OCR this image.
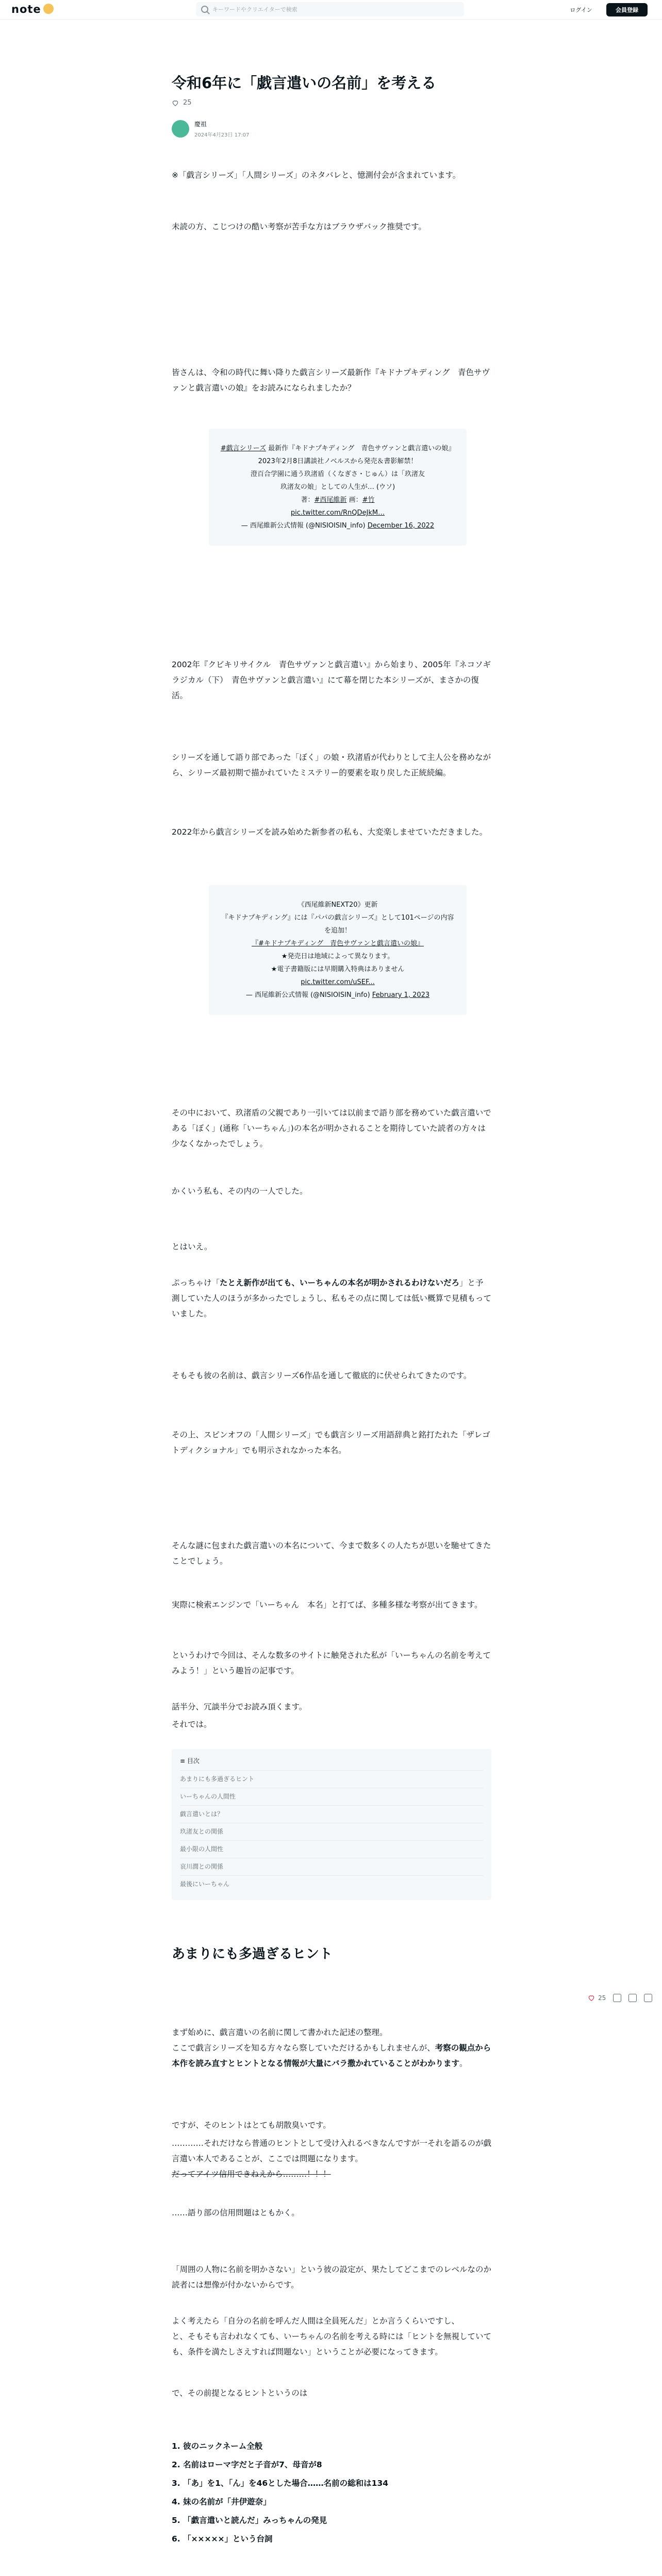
note
キーワードやクリエイターで検索	ログイン	会員登録
令和6年に「戯言遣いの名前」を考える
25
慶祖
2024年4月23日 17:07

※「戯言シリーズ」「人間シリーズ」のネタバレと、憶測付会が含まれています。

未読の方、こじつけの酷い考察が苦手な方はブラウザバック推奨です。

皆さんは、令和の時代に舞い降りた戯言シリーズ最新作『キドナプキディング　青色サヴァンと戯言遣いの娘』をお読みになられましたか？

#戯言シリーズ 最新作『キドナプキディング　青色サヴァンと戯言遣いの娘』
2023年2月8日講談社ノベルスから発売＆書影解禁！
澄百合学園に通う玖渚盾（くなぎさ・じゅん）は「玖渚友
玖渚友の娘」としての人生が… (ウソ)
著：#西尾維新 画：#竹
pic.twitter.com/RnQDeJkM…
— 西尾維新公式情報 (@NISIOISIN_info) December 16, 2022

2002年『クビキリサイクル　青色サヴァンと戯言遣い』から始まり、2005年『ネコソギラジカル（下）　青色サヴァンと戯言遣い』にて幕を閉じた本シリーズが、まさかの復活。

シリーズを通して語り部であった「ぼく」の娘・玖渚盾が代わりとして主人公を務めながら、シリーズ最初期で描かれていたミステリー的要素を取り戻した正統続編。

2022年から戯言シリーズを読み始めた新参者の私も、大変楽しませていただきました。

《西尾維新NEXT20》更新
『キドナプキディング』には『パパの戯言シリーズ』として101ページの内容を追加！
『#キドナプキディング　青色サヴァンと戯言遣いの娘』
★発売日は地域によって異なります。
★電子書籍版には早期購入特典はありません
pic.twitter.com/uSEF...
— 西尾維新公式情報 (@NISIOISIN_info) February 1, 2023

その中において、玖渚盾の父親であり一引いては以前まで語り部を務めていた戯言遣いである「ぼく」(通称「いーちゃん」)の本名が明かされることを期待していた読者の方々は少なくなかったでしょう。

かくいう私も、その内の一人でした。

とはいえ。

ぷっちゃけ「たとえ新作が出ても、いーちゃんの本名が明かされるわけないだろ」と予測していた人のほうが多かったでしょうし、私もその点に関しては低い概算で見積もっていました。

そもそも彼の名前は、戯言シリーズ6作品を通して徹底的に伏せられてきたのです。

その上、スピンオフの「人間シリーズ」でも戯言シリーズ用語辞典と銘打たれた「ザレゴトディクショナル」でも明示されなかった本名。

そんな謎に包まれた戯言遣いの本名について、今まで数多くの人たちが思いを馳せてきたことでしょう。

実際に検索エンジンで「いーちゃん　本名」と打てば、多種多様な考察が出てきます。

というわけで今回は、そんな数多のサイトに触発された私が「いーちゃんの名前を考えてみよう！」という趣旨の記事です。

話半分、冗談半分でお読み頂くます。

それでは。

≡ 目次
あまりにも多過ぎるヒント
いーちゃんの人間性
戯言遣いとは？
玖渚友との関係
最小限の人間性
哀川潤との関係
最後にいーちゃん
あまりにも多過ぎるヒント

まず始めに、戯言遣いの名前に関して書かれた記述の整理。

ここで戯言シリーズを知る方々なら察していただけるかもしれませんが、考察の観点から本作を読み直すとヒントとなる情報が大量にバラ撒かれていることがわかります。

ですが、そのヒントはとても胡散臭いです。

…………それだけなら普通のヒントとして受け入れるべきなんですが一それを語るのが戯言遣い本人であることが、ここでは問題になります。

だってアイツ信用できねえから………！！！

……語り部の信用問題はともかく。

「周囲の人物に名前を明かさない」という彼の設定が、果たしてどこまでのレベルなのか読者には想像が付かないからです。

よく考えたら「自分の名前を呼んだ人間は全員死んだ」とか言うくらいですし、

と、そもそも言われなくても、いーちゃんの名前を考える時には「ヒントを無視していても、条件を満たしさえすれば問題ない」ということが必要になってきます。

で、その前提となるヒントというのは

1. 彼のニックネーム全般
2. 名前はローマ字だと子音が7、母音が8
3. 「あ」を1、「ん」を46とした場合……名前の総和は134
4. 妹の名前が「井伊遊奈」
5. 「戯言遣いと読んだ」みっちゃんの発見
6. 「×××××」という台詞

25
